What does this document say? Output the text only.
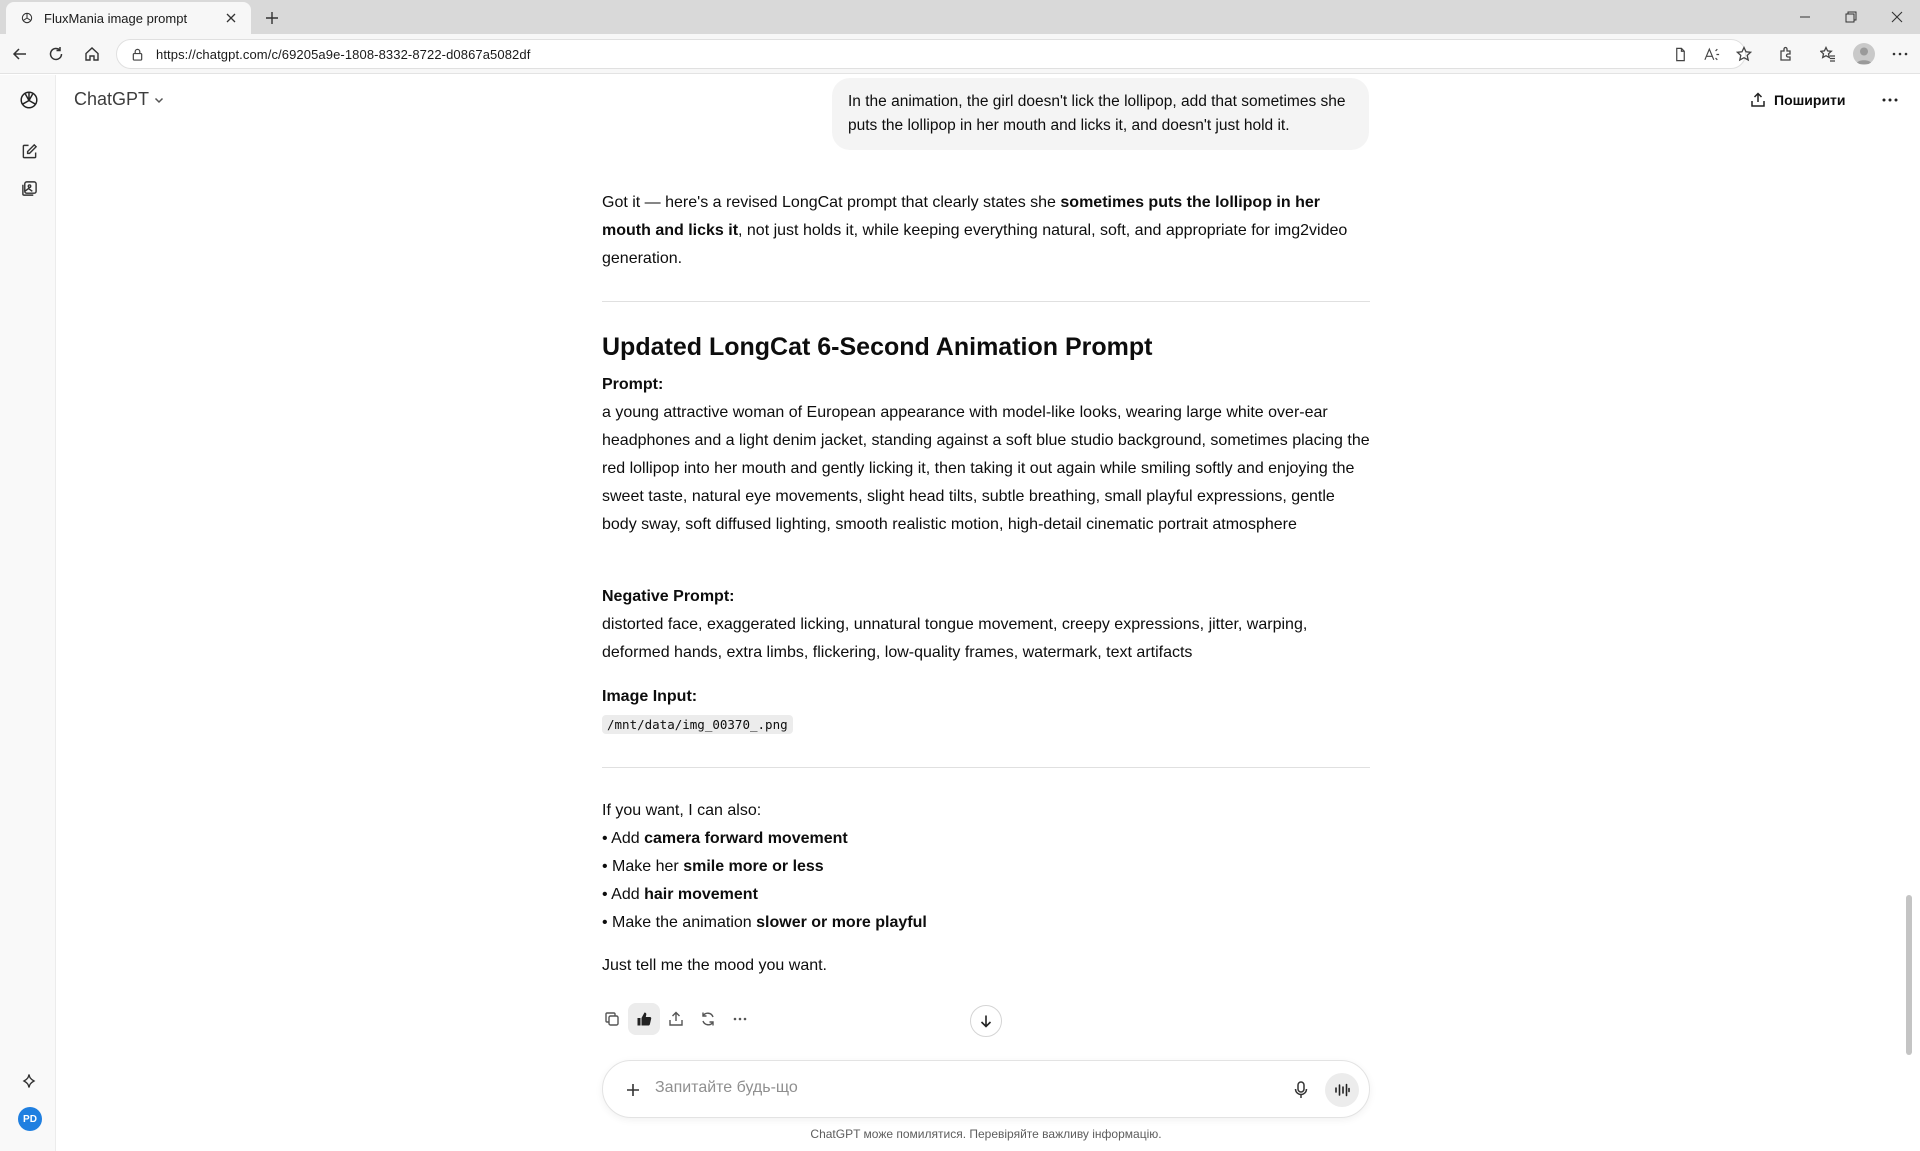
FluxMania image prompt
https://chatgpt.com/c/69205a9e-1808-8332-8722-d0867a5082df
PD
ChatGPT	Поширити
In the animation, the girl doesn't lick the lollipop, add that sometimes she puts the lollipop in her mouth and licks it, and doesn't just hold it.
Got it — here's a revised LongCat prompt that clearly states she sometimes puts the lollipop in her mouth and licks it, not just holds it, while keeping everything natural, soft, and appropriate for img2video generation.
Updated LongCat 6-Second Animation Prompt
Prompt:
a young attractive woman of European appearance with model-like looks, wearing large white over-ear headphones and a light denim jacket, standing against a soft blue studio background, sometimes placing the red lollipop into her mouth and gently licking it, then taking it out again while smiling softly and enjoying the sweet taste, natural eye movements, slight head tilts, subtle breathing, small playful expressions, gentle body sway, soft diffused lighting, smooth realistic motion, high-detail cinematic portrait atmosphere
Negative Prompt:
distorted face, exaggerated licking, unnatural tongue movement, creepy expressions, jitter, warping, deformed hands, extra limbs, flickering, low-quality frames, watermark, text artifacts
Image Input:
/mnt/data/img_00370_.png
If you want, I can also:
• Add camera forward movement
• Make her smile more or less
• Add hair movement
• Make the animation slower or more playful
Just tell me the mood you want.
Запитайте будь-що
ChatGPT може помилятися. Перевіряйте важливу інформацію.
